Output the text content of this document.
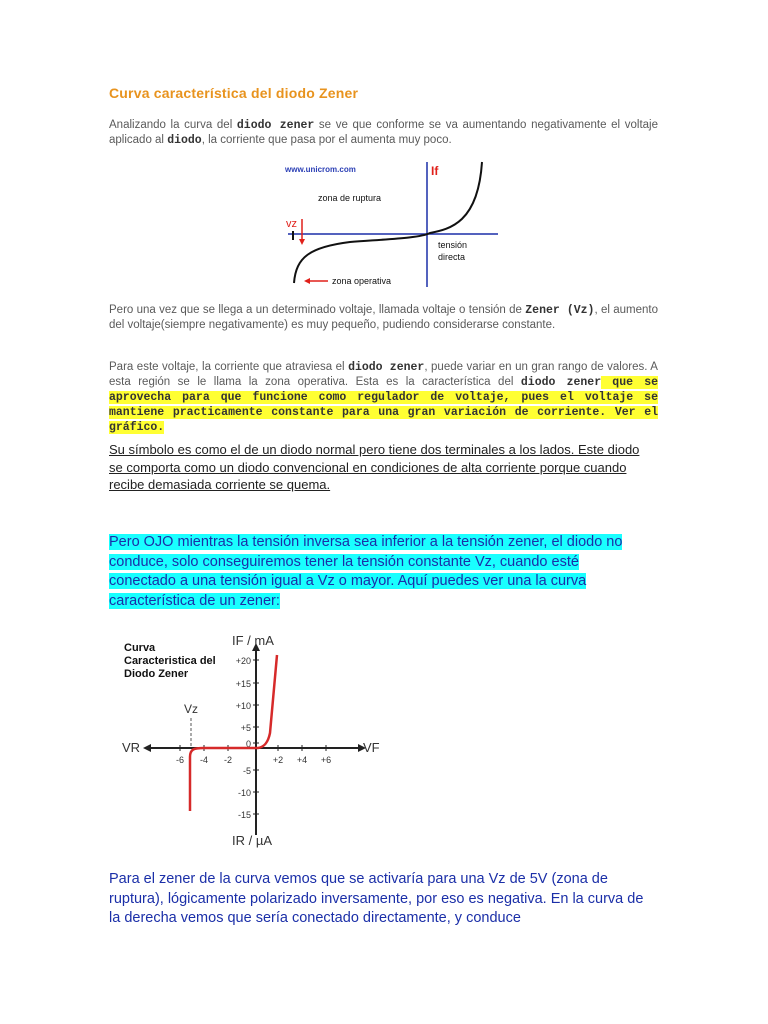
Curva característica del diodo Zener
Analizando la curva del diodo zener se ve que conforme se va aumentando negativamente el voltaje aplicado al diodo, la corriente que pasa por el aumenta muy poco.
www.unicrom.com	If
zona de ruptura
vz
tensión
directa
zona operativa
Pero una vez que se llega a un determinado voltaje, llamada voltaje o tensión de Zener (Vz), el aumento del voltaje(siempre negativamente) es muy pequeño, pudiendo considerarse constante.
Para este voltaje, la corriente que atraviesa el diodo zener, puede variar en un gran rango de valores. A esta región se le llama la zona operativa. Esta es la característica del diodo zener que se aprovecha para que funcione como regulador de voltaje, pues el voltaje se mantiene practicamente constante para una gran variación de corriente. Ver el gráfico.
Su símbolo es como el de un diodo normal pero tiene dos terminales a los lados. Este diodo se comporta como un diodo convencional en condiciones de alta corriente porque cuando recibe demasiada corriente se quema.
Pero OJO mientras la tensión inversa sea inferior a la tensión zener, el diodo no conduce, solo conseguiremos tener la tensión constante Vz, cuando esté conectado a una tensión igual a Vz o mayor. Aquí puedes ver una la curva característica de un zener:
Curva
Caracteristica del
Diodo Zener
IF / mA
IR / µA
VR	VF
Vz
+20
+15
+10
+5
0
-5
-10
-15
-6 -4 -2	+2 +4 +6
Para el zener de la curva vemos que se activaría para una Vz de 5V (zona de ruptura), lógicamente polarizado inversamente, por eso es negativa. En la curva de la derecha vemos que sería conectado directamente, y conduce
